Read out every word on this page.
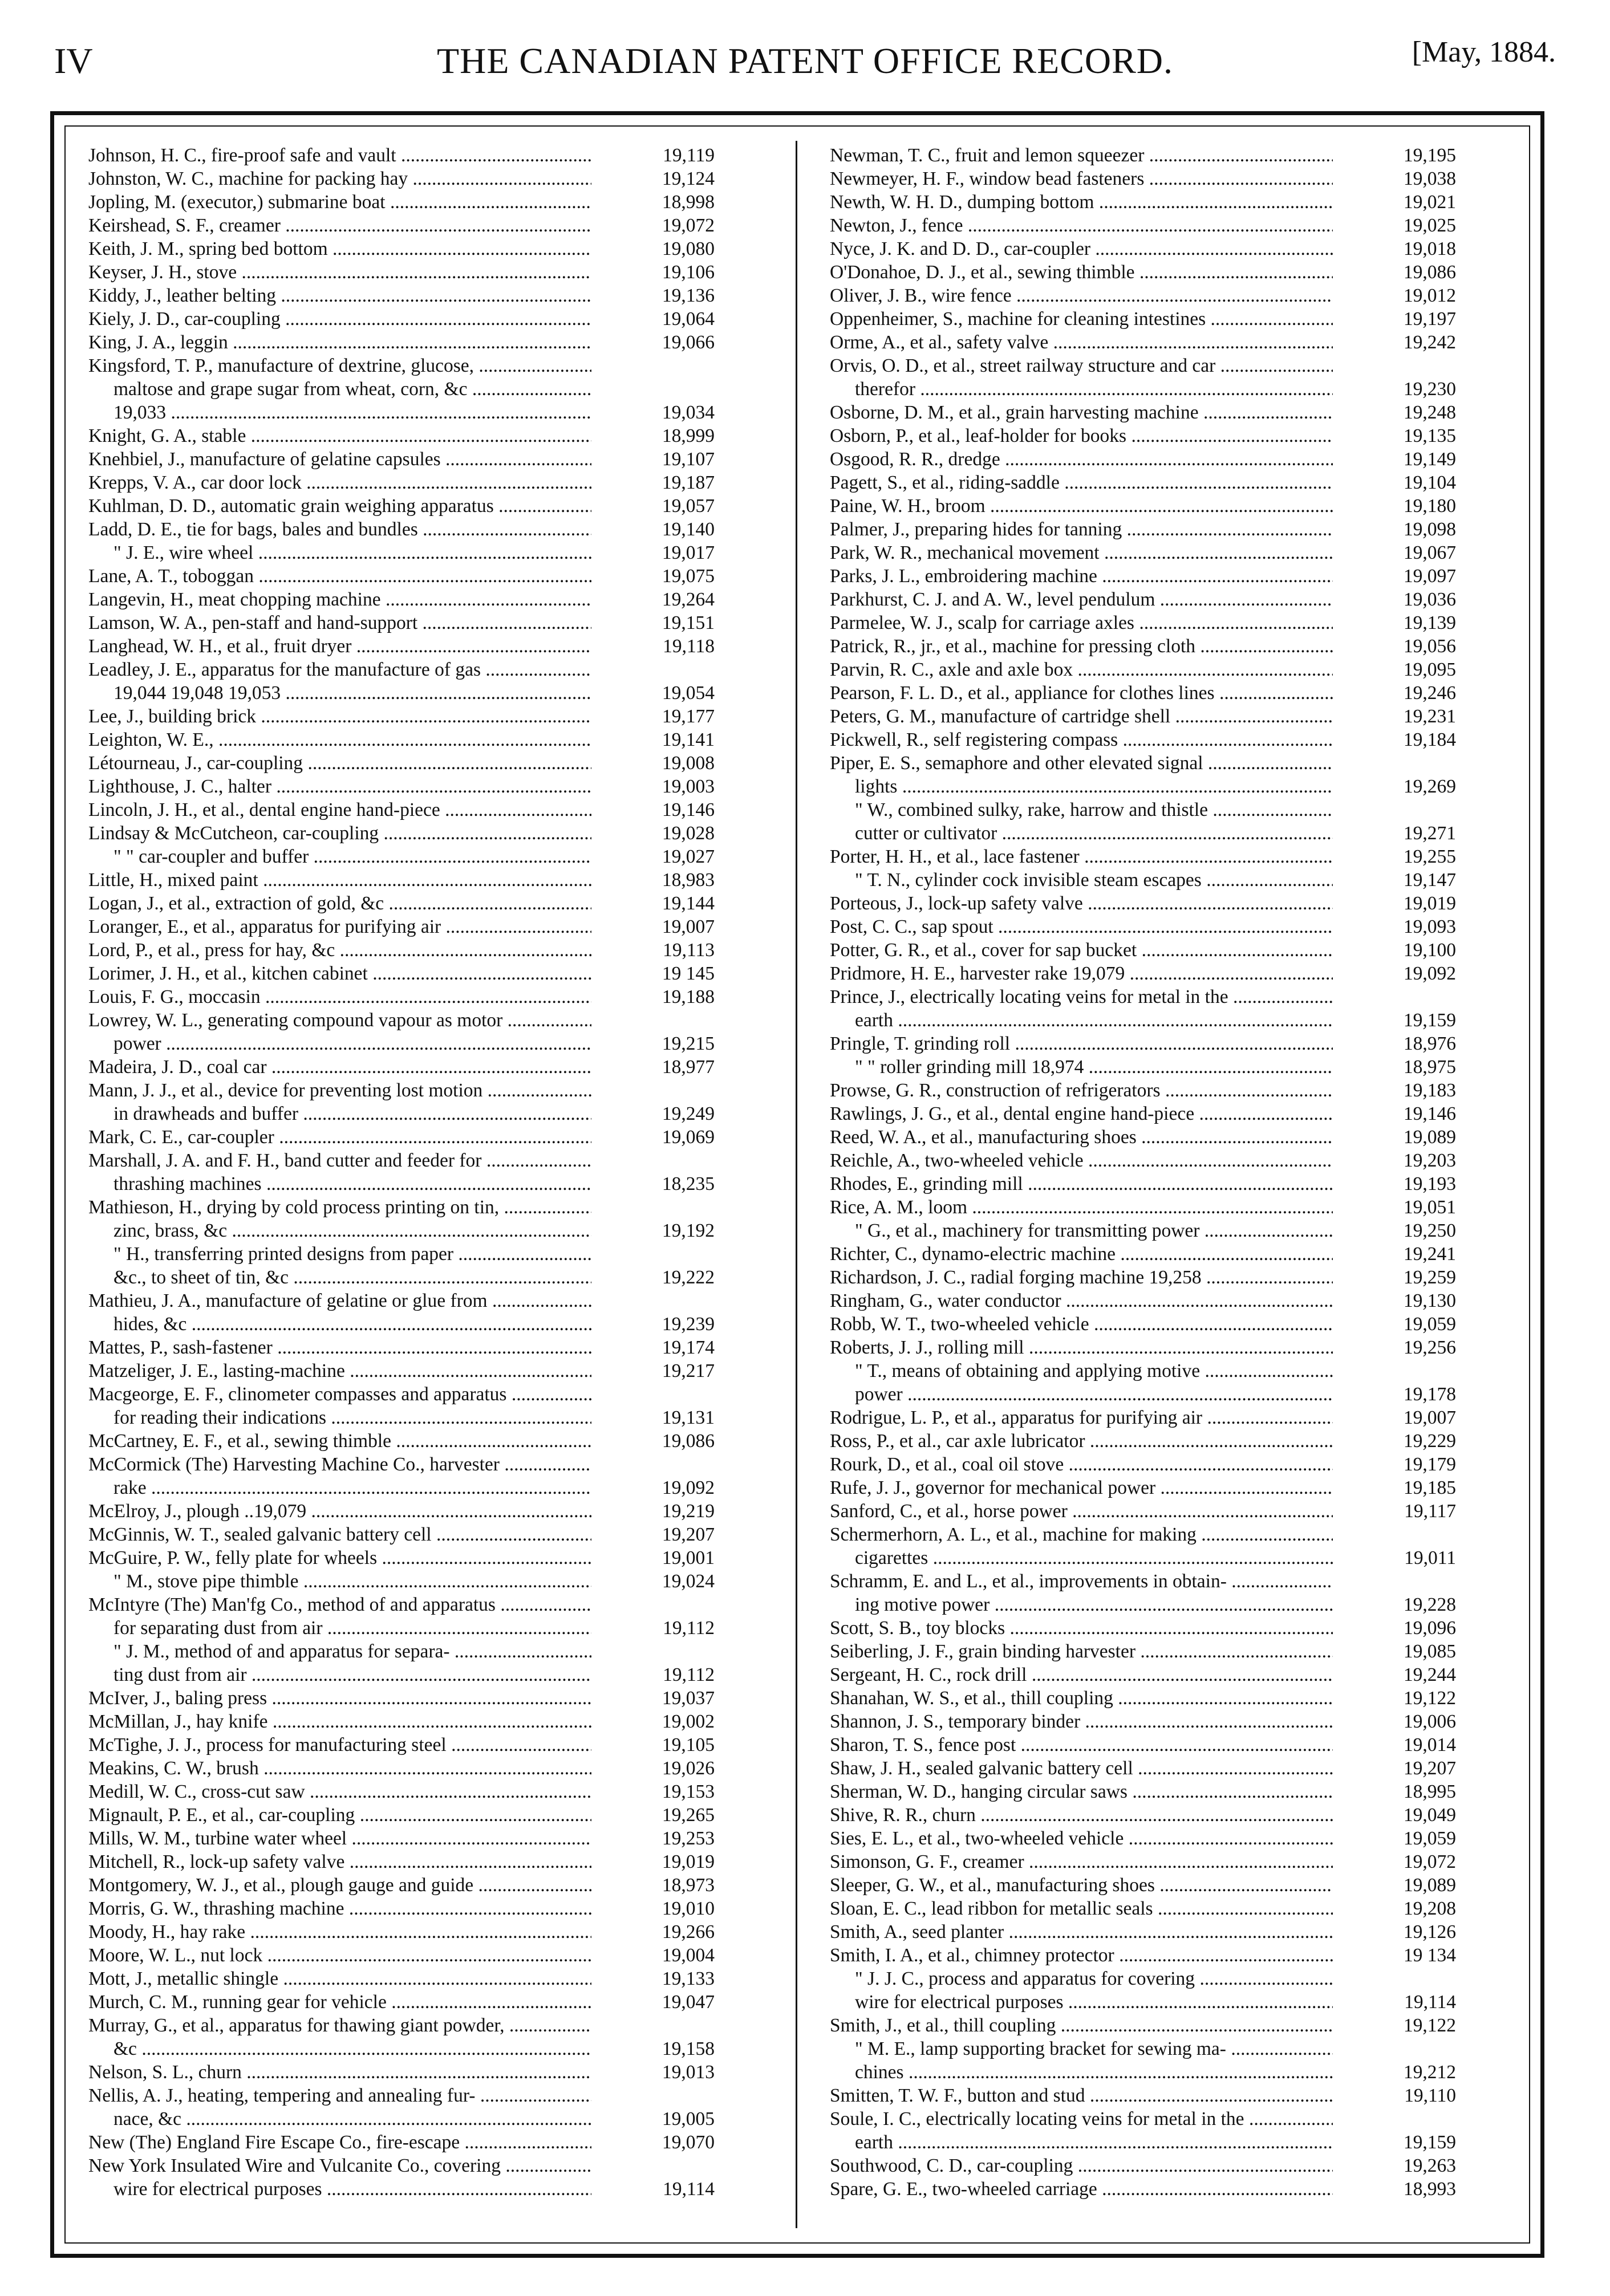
IV	THE CANADIAN PATENT OFFICE RECORD.	[May, 1884.
Johnson, H. C., fire-proof safe and vault .....	19,119
Johnston, W. C., machine for packing hay .....	19,124
Jopling, M. (executor,) submarine boat .....	18,998
Keirshead, S. F., creamer .....	19,072
Keith, J. M., spring bed bottom .....	19,080
Keyser, J. H., stove .....	19,106
Kiddy, J., leather belting .....	19,136
Kiely, J. D., car-coupling .....	19,064
King, J. A., leggin .....	19,066
Kingsford, T. P., manufacture of dextrine, glucose, .....
maltose and grape sugar from wheat, corn, &c .....
19,033 .....	19,034
Knight, G. A., stable .....	18,999
Knehbiel, J., manufacture of gelatine capsules .....	19,107
Krepps, V. A., car door lock .....	19,187
Kuhlman, D. D., automatic grain weighing apparatus .....	19,057
Ladd, D. E., tie for bags, bales and bundles .....	19,140
" J. E., wire wheel .....	19,017
Lane, A. T., toboggan .....	19,075
Langevin, H., meat chopping machine .....	19,264
Lamson, W. A., pen-staff and hand-support .....	19,151
Langhead, W. H., et al., fruit dryer .....	19,118
Leadley, J. E., apparatus for the manufacture of gas .....
19,044 19,048 19,053 .....	19,054
Lee, J., building brick .....	19,177
Leighton, W. E., .....	19,141
Létourneau, J., car-coupling .....	19,008
Lighthouse, J. C., halter .....	19,003
Lincoln, J. H., et al., dental engine hand-piece .....	19,146
Lindsay & McCutcheon, car-coupling .....	19,028
" " car-coupler and buffer .....	19,027
Little, H., mixed paint .....	18,983
Logan, J., et al., extraction of gold, &c .....	19,144
Loranger, E., et al., apparatus for purifying air .....	19,007
Lord, P., et al., press for hay, &c .....	19,113
Lorimer, J. H., et al., kitchen cabinet .....	19 145
Louis, F. G., moccasin .....	19,188
Lowrey, W. L., generating compound vapour as motor .....
power .....	19,215
Madeira, J. D., coal car .....	18,977
Mann, J. J., et al., device for preventing lost motion .....
in drawheads and buffer .....	19,249
Mark, C. E., car-coupler .....	19,069
Marshall, J. A. and F. H., band cutter and feeder for .....
thrashing machines .....	18,235
Mathieson, H., drying by cold process printing on tin, .....
zinc, brass, &c .....	19,192
" H., transferring printed designs from paper .....
&c., to sheet of tin, &c .....	19,222
Mathieu, J. A., manufacture of gelatine or glue from .....
hides, &c .....	19,239
Mattes, P., sash-fastener .....	19,174
Matzeliger, J. E., lasting-machine .....	19,217
Macgeorge, E. F., clinometer compasses and apparatus .....
for reading their indications .....	19,131
McCartney, E. F., et al., sewing thimble .....	19,086
McCormick (The) Harvesting Machine Co., harvester .....
rake .....	19,092
McElroy, J., plough ..19,079 .....	19,219
McGinnis, W. T., sealed galvanic battery cell .....	19,207
McGuire, P. W., felly plate for wheels .....	19,001
" M., stove pipe thimble .....	19,024
McIntyre (The) Man'fg Co., method of and apparatus .....
for separating dust from air .....	19,112
" J. M., method of and apparatus for separa- .....
ting dust from air .....	19,112
McIver, J., baling press .....	19,037
McMillan, J., hay knife .....	19,002
McTighe, J. J., process for manufacturing steel .....	19,105
Meakins, C. W., brush .....	19,026
Medill, W. C., cross-cut saw .....	19,153
Mignault, P. E., et al., car-coupling .....	19,265
Mills, W. M., turbine water wheel .....	19,253
Mitchell, R., lock-up safety valve .....	19,019
Montgomery, W. J., et al., plough gauge and guide .....	18,973
Morris, G. W., thrashing machine .....	19,010
Moody, H., hay rake .....	19,266
Moore, W. L., nut lock .....	19,004
Mott, J., metallic shingle .....	19,133
Murch, C. M., running gear for vehicle .....	19,047
Murray, G., et al., apparatus for thawing giant powder, .....
&c .....	19,158
Nelson, S. L., churn .....	19,013
Nellis, A. J., heating, tempering and annealing fur- .....
nace, &c .....	19,005
New (The) England Fire Escape Co., fire-escape .....	19,070
New York Insulated Wire and Vulcanite Co., covering .....
wire for electrical purposes .....	19,114
Newman, T. C., fruit and lemon squeezer .....	19,195
Newmeyer, H. F., window bead fasteners .....	19,038
Newth, W. H. D., dumping bottom .....	19,021
Newton, J., fence .....	19,025
Nyce, J. K. and D. D., car-coupler .....	19,018
O'Donahoe, D. J., et al., sewing thimble .....	19,086
Oliver, J. B., wire fence .....	19,012
Oppenheimer, S., machine for cleaning intestines .....	19,197
Orme, A., et al., safety valve .....	19,242
Orvis, O. D., et al., street railway structure and car .....
therefor .....	19,230
Osborne, D. M., et al., grain harvesting machine .....	19,248
Osborn, P., et al., leaf-holder for books .....	19,135
Osgood, R. R., dredge .....	19,149
Pagett, S., et al., riding-saddle .....	19,104
Paine, W. H., broom .....	19,180
Palmer, J., preparing hides for tanning .....	19,098
Park, W. R., mechanical movement .....	19,067
Parks, J. L., embroidering machine .....	19,097
Parkhurst, C. J. and A. W., level pendulum .....	19,036
Parmelee, W. J., scalp for carriage axles .....	19,139
Patrick, R., jr., et al., machine for pressing cloth .....	19,056
Parvin, R. C., axle and axle box .....	19,095
Pearson, F. L. D., et al., appliance for clothes lines .....	19,246
Peters, G. M., manufacture of cartridge shell .....	19,231
Pickwell, R., self registering compass .....	19,184
Piper, E. S., semaphore and other elevated signal .....
lights .....	19,269
" W., combined sulky, rake, harrow and thistle .....
cutter or cultivator .....	19,271
Porter, H. H., et al., lace fastener .....	19,255
" T. N., cylinder cock invisible steam escapes .....	19,147
Porteous, J., lock-up safety valve .....	19,019
Post, C. C., sap spout .....	19,093
Potter, G. R., et al., cover for sap bucket .....	19,100
Pridmore, H. E., harvester rake 19,079 .....	19,092
Prince, J., electrically locating veins for metal in the .....
earth .....	19,159
Pringle, T. grinding roll .....	18,976
" " roller grinding mill 18,974 .....	18,975
Prowse, G. R., construction of refrigerators .....	19,183
Rawlings, J. G., et al., dental engine hand-piece .....	19,146
Reed, W. A., et al., manufacturing shoes .....	19,089
Reichle, A., two-wheeled vehicle .....	19,203
Rhodes, E., grinding mill .....	19,193
Rice, A. M., loom .....	19,051
" G., et al., machinery for transmitting power .....	19,250
Richter, C., dynamo-electric machine .....	19,241
Richardson, J. C., radial forging machine 19,258 .....	19,259
Ringham, G., water conductor .....	19,130
Robb, W. T., two-wheeled vehicle .....	19,059
Roberts, J. J., rolling mill .....	19,256
" T., means of obtaining and applying motive .....
power .....	19,178
Rodrigue, L. P., et al., apparatus for purifying air .....	19,007
Ross, P., et al., car axle lubricator .....	19,229
Rourk, D., et al., coal oil stove .....	19,179
Rufe, J. J., governor for mechanical power .....	19,185
Sanford, C., et al., horse power .....	19,117
Schermerhorn, A. L., et al., machine for making .....
cigarettes .....	19,011
Schramm, E. and L., et al., improvements in obtain- .....
ing motive power .....	19,228
Scott, S. B., toy blocks .....	19,096
Seiberling, J. F., grain binding harvester .....	19,085
Sergeant, H. C., rock drill .....	19,244
Shanahan, W. S., et al., thill coupling .....	19,122
Shannon, J. S., temporary binder .....	19,006
Sharon, T. S., fence post .....	19,014
Shaw, J. H., sealed galvanic battery cell .....	19,207
Sherman, W. D., hanging circular saws .....	18,995
Shive, R. R., churn .....	19,049
Sies, E. L., et al., two-wheeled vehicle .....	19,059
Simonson, G. F., creamer .....	19,072
Sleeper, G. W., et al., manufacturing shoes .....	19,089
Sloan, E. C., lead ribbon for metallic seals .....	19,208
Smith, A., seed planter .....	19,126
Smith, I. A., et al., chimney protector .....	19 134
" J. J. C., process and apparatus for covering .....
wire for electrical purposes .....	19,114
Smith, J., et al., thill coupling .....	19,122
" M. E., lamp supporting bracket for sewing ma- .....
chines .....	19,212
Smitten, T. W. F., button and stud .....	19,110
Soule, I. C., electrically locating veins for metal in the .....
earth .....	19,159
Southwood, C. D., car-coupling .....	19,263
Spare, G. E., two-wheeled carriage .....	18,993
